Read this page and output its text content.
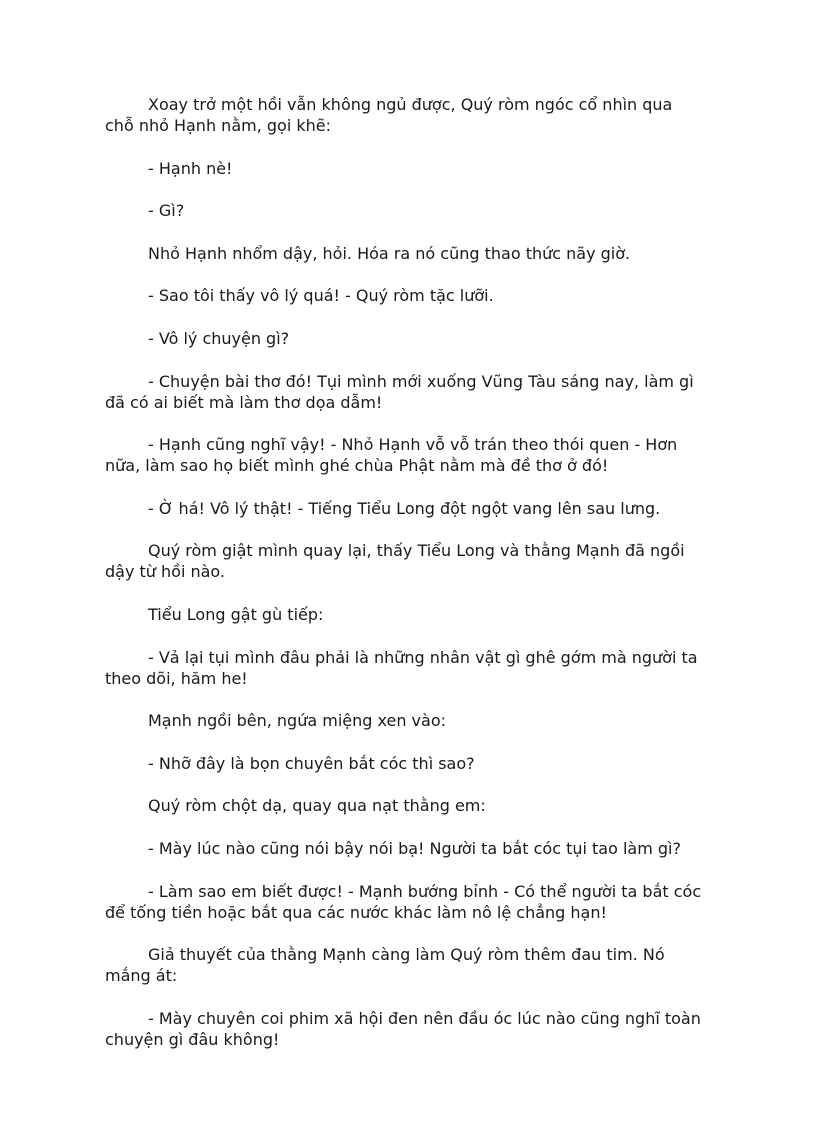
Xoay trở một hồi vẫn không ngủ được, Quý ròm ngóc cổ nhìn qua chỗ nhỏ Hạnh nằm, gọi khẽ:

- Hạnh nè!

- Gì?

Nhỏ Hạnh nhổm dậy, hỏi. Hóa ra nó cũng thao thức nãy giờ.

- Sao tôi thấy vô lý quá! - Quý ròm tặc lưỡi.

- Vô lý chuyện gì?

- Chuyện bài thơ đó! Tụi mình mới xuống Vũng Tàu sáng nay, làm gì đã có ai biết mà làm thơ dọa dẫm!

- Hạnh cũng nghĩ vậy! - Nhỏ Hạnh vỗ vỗ trán theo thói quen - Hơn nữa, làm sao họ biết mình ghé chùa Phật nằm mà đề thơ ở đó!

- Ờ há! Vô lý thật! - Tiếng Tiểu Long đột ngột vang lên sau lưng.

Quý ròm giật mình quay lại, thấy Tiểu Long và thằng Mạnh đã ngồi dậy từ hồi nào.

Tiểu Long gật gù tiếp:

- Vả lại tụi mình đâu phải là những nhân vật gì ghê gớm mà người ta theo dõi, hăm he!

Mạnh ngồi bên, ngứa miệng xen vào:

- Nhỡ đây là bọn chuyên bắt cóc thì sao?

Quý ròm chột dạ, quay qua nạt thằng em:

- Mày lúc nào cũng nói bậy nói bạ! Người ta bắt cóc tụi tao làm gì?

- Làm sao em biết được! - Mạnh bướng bỉnh - Có thể người ta bắt cóc để tống tiền hoặc bắt qua các nước khác làm nô lệ chẳng hạn!

Giả thuyết của thằng Mạnh càng làm Quý ròm thêm đau tim. Nó mắng át:

- Mày chuyên coi phim xã hội đen nên đầu óc lúc nào cũng nghĩ toàn chuyện gì đâu không!
